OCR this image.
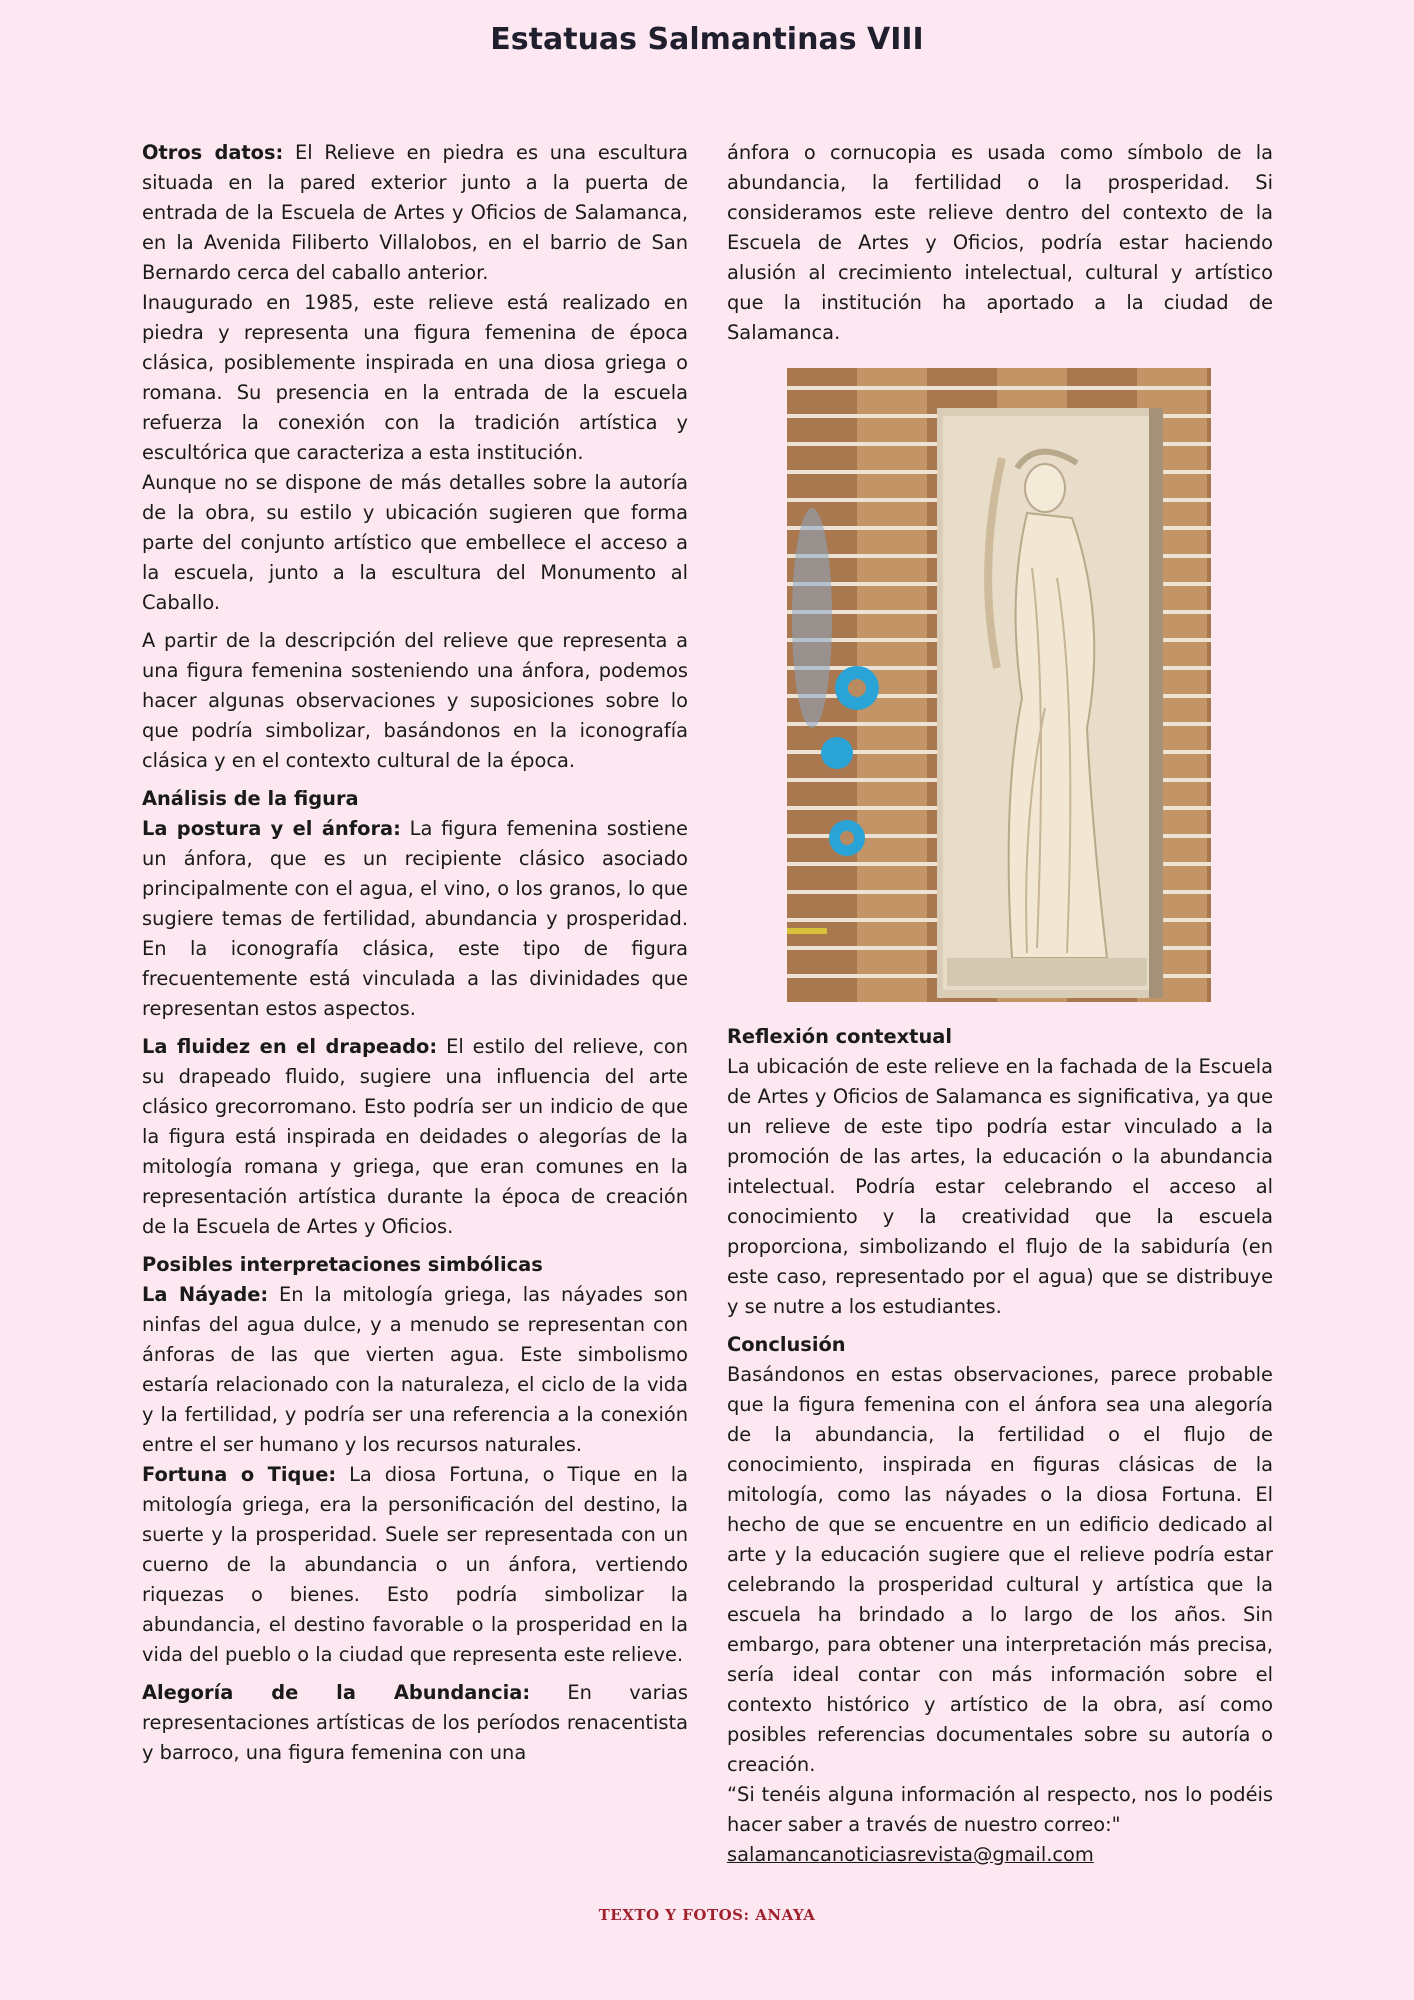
Estatuas Salmantinas VIII

Otros datos: El Relieve en piedra es una escultura situada en la pared exterior junto a la puerta de entrada de la Escuela de Artes y Oficios de Salamanca, en la Avenida Filiberto Villalobos, en el barrio de San Bernardo cerca del caballo anterior.

Inaugurado en 1985, este relieve está realizado en piedra y representa una figura femenina de época clásica, posiblemente inspirada en una diosa griega o romana. Su presencia en la entrada de la escuela refuerza la conexión con la tradición artística y escultórica que caracteriza a esta institución.

Aunque no se dispone de más detalles sobre la autoría de la obra, su estilo y ubicación sugieren que forma parte del conjunto artístico que embellece el acceso a la escuela, junto a la escultura del Monumento al Caballo.

A partir de la descripción del relieve que representa a una figura femenina sosteniendo una ánfora, podemos hacer algunas observaciones y suposiciones sobre lo que podría simbolizar, basándonos en la iconografía clásica y en el contexto cultural de la época.

Análisis de la figura

La postura y el ánfora: La figura femenina sostiene un ánfora, que es un recipiente clásico asociado principalmente con el agua, el vino, o los granos, lo que sugiere temas de fertilidad, abundancia y prosperidad. En la iconografía clásica, este tipo de figura frecuentemente está vinculada a las divinidades que representan estos aspectos.

La fluidez en el drapeado: El estilo del relieve, con su drapeado fluido, sugiere una influencia del arte clásico grecorromano. Esto podría ser un indicio de que la figura está inspirada en deidades o alegorías de la mitología romana y griega, que eran comunes en la representación artística durante la época de creación de la Escuela de Artes y Oficios.

Posibles interpretaciones simbólicas

La Náyade: En la mitología griega, las náyades son ninfas del agua dulce, y a menudo se representan con ánforas de las que vierten agua. Este simbolismo estaría relacionado con la naturaleza, el ciclo de la vida y la fertilidad, y podría ser una referencia a la conexión entre el ser humano y los recursos naturales.

Fortuna o Tique: La diosa Fortuna, o Tique en la mitología griega, era la personificación del destino, la suerte y la prosperidad. Suele ser representada con un cuerno de la abundancia o un ánfora, vertiendo riquezas o bienes. Esto podría simbolizar la abundancia, el destino favorable o la prosperidad en la vida del pueblo o la ciudad que representa este relieve.

Alegoría de la Abundancia: En varias representaciones artísticas de los períodos renacentista y barroco, una figura femenina con una

ánfora o cornucopia es usada como símbolo de la abundancia, la fertilidad o la prosperidad. Si consideramos este relieve dentro del contexto de la Escuela de Artes y Oficios, podría estar haciendo alusión al crecimiento intelectual, cultural y artístico que la institución ha aportado a la ciudad de Salamanca.

Reflexión contextual

La ubicación de este relieve en la fachada de la Escuela de Artes y Oficios de Salamanca es significativa, ya que un relieve de este tipo podría estar vinculado a la promoción de las artes, la educación o la abundancia intelectual. Podría estar celebrando el acceso al conocimiento y la creatividad que la escuela proporciona, simbolizando el flujo de la sabiduría (en este caso, representado por el agua) que se distribuye y se nutre a los estudiantes.

Conclusión

Basándonos en estas observaciones, parece probable que la figura femenina con el ánfora sea una alegoría de la abundancia, la fertilidad o el flujo de conocimiento, inspirada en figuras clásicas de la mitología, como las náyades o la diosa Fortuna. El hecho de que se encuentre en un edificio dedicado al arte y la educación sugiere que el relieve podría estar celebrando la prosperidad cultural y artística que la escuela ha brindado a lo largo de los años. Sin embargo, para obtener una interpretación más precisa, sería ideal contar con más información sobre el contexto histórico y artístico de la obra, así como posibles referencias documentales sobre su autoría o creación.

“Si tenéis alguna información al respecto, nos lo podéis hacer saber a través de nuestro correo:"

salamancanoticiasrevista@gmail.com

TEXTO Y FOTOS: ANAYA
